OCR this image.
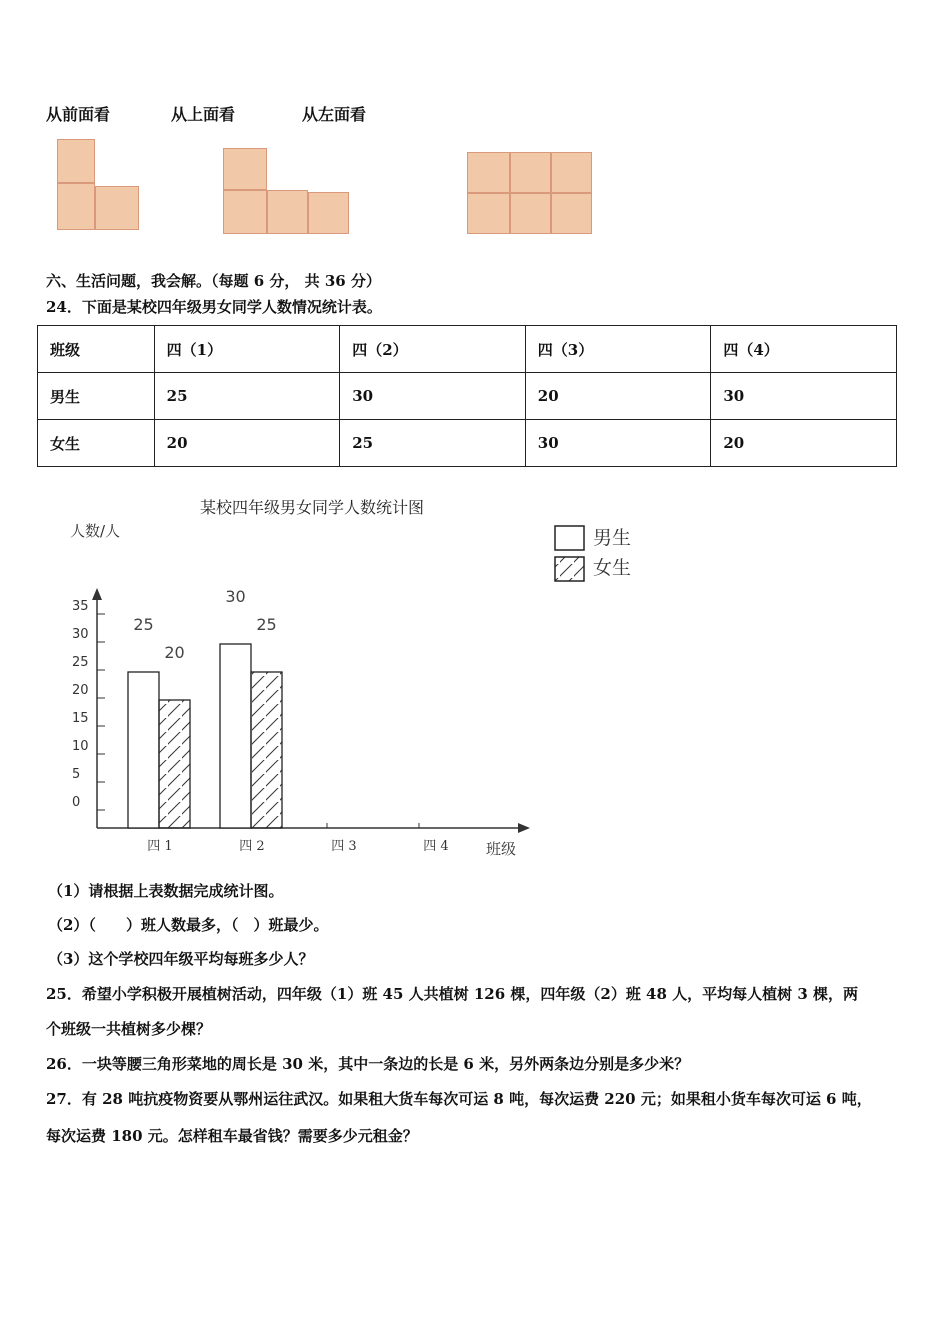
从前面看	从上面看	从左面看
六、生活问题，我会解。（每题 6 分， 共 36 分）
24．下面是某校四年级男女同学人数情况统计表。
班级	四（1）	四（2）	四（3）	四（4）
男生	25	30	20	30
女生	20	25	30	20
某校四年级男女同学人数统计图
人数/人	男生
女生
班级
35
30
25
20
15
10
5
0
四 1	四 2	四 3	四 4
25
30
20
25
（1）请根据上表数据完成统计图。
（2）（　　）班人数最多，（　）班最少。
（3）这个学校四年级平均每班多少人？
25．希望小学积极开展植树活动，四年级（1）班 45 人共植树 126 棵，四年级（2）班 48 人，平均每人植树 3 棵，两
个班级一共植树多少棵？
26．一块等腰三角形菜地的周长是 30 米，其中一条边的长是 6 米，另外两条边分别是多少米？
27．有 28 吨抗疫物资要从鄂州运往武汉。如果租大货车每次可运 8 吨，每次运费 220 元；如果租小货车每次可运 6 吨，
每次运费 180 元。怎样租车最省钱？需要多少元租金？
